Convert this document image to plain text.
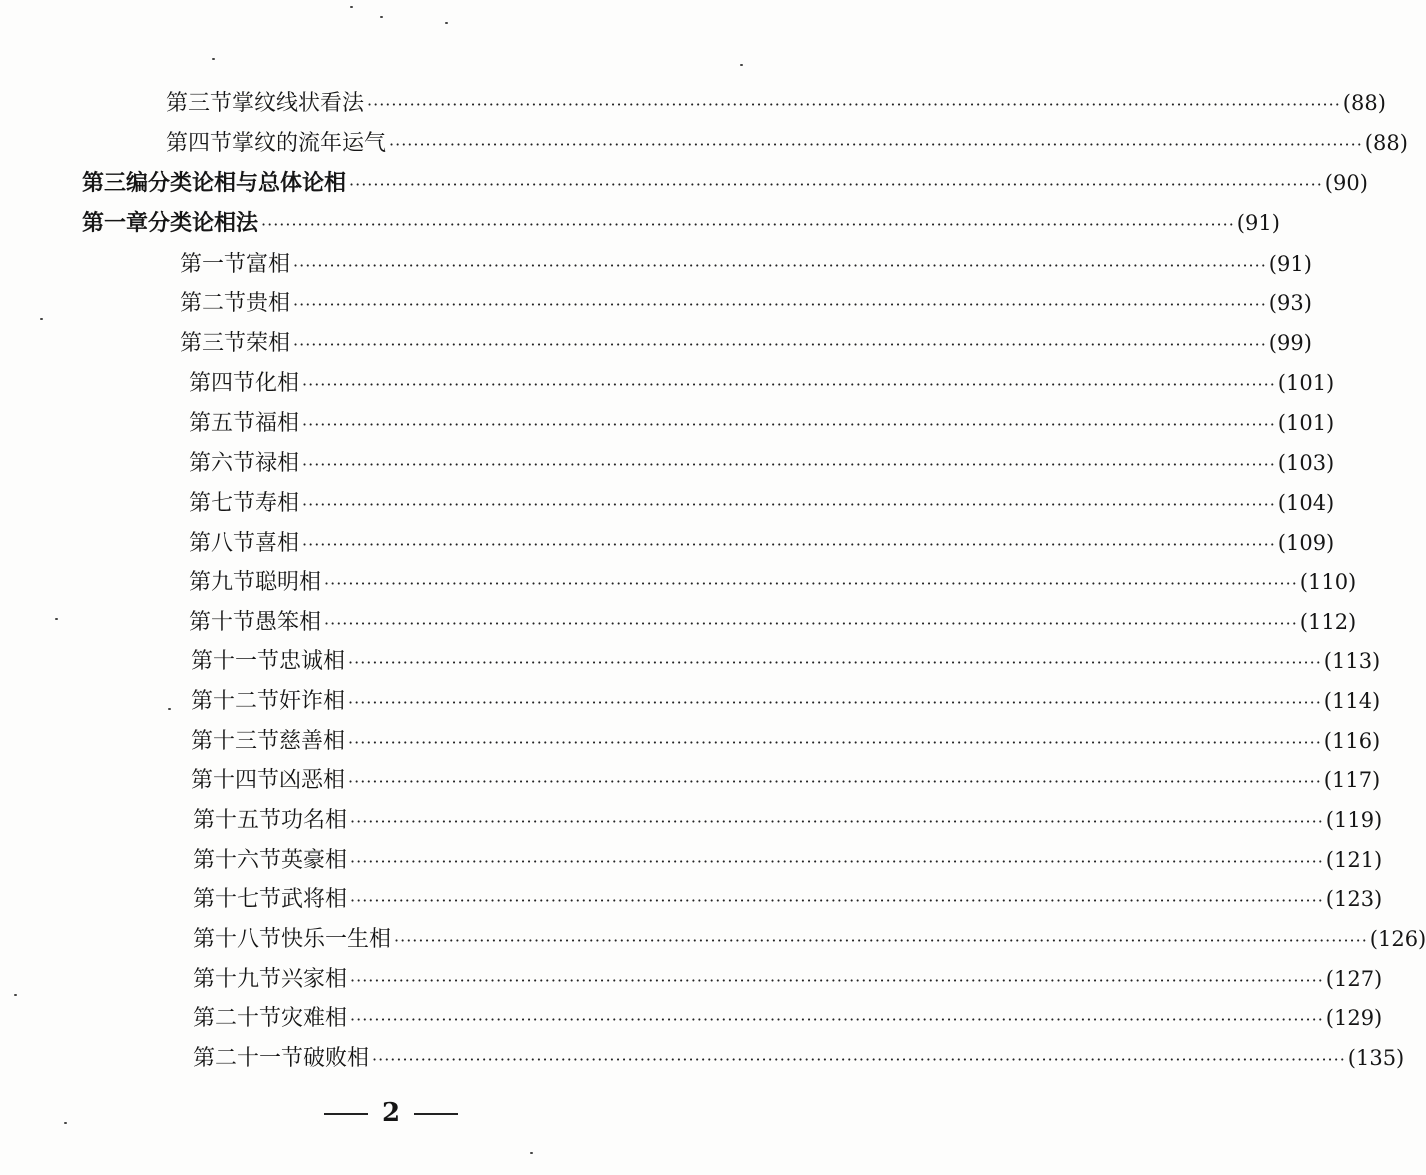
第三节 掌纹线状看法 ································································································································································ (88)
第四节 掌纹的流年运气 ································································································································································ (88)
第三编 分类论相与总体论相 ································································································································································ (90)
第一章 分类论相法 ································································································································································ (91)
第一节 富相 ································································································································································ (91)
第二节 贵相 ································································································································································ (93)
第三节 荣相 ································································································································································ (99)
第四节 化相 ································································································································································ (101)
第五节 福相 ································································································································································ (101)
第六节 禄相 ································································································································································ (103)
第七节 寿相 ································································································································································ (104)
第八节 喜相 ································································································································································ (109)
第九节 聪明相 ································································································································································ (110)
第十节 愚笨相 ································································································································································ (112)
第十一节 忠诚相 ································································································································································ (113)
第十二节 奸诈相 ································································································································································ (114)
第十三节 慈善相 ································································································································································ (116)
第十四节 凶恶相 ································································································································································ (117)
第十五节 功名相 ································································································································································ (119)
第十六节 英豪相 ································································································································································ (121)
第十七节 武将相 ································································································································································ (123)
第十八节 快乐一生相 ································································································································································ (126)
第十九节 兴家相 ································································································································································ (127)
第二十节 灾难相 ································································································································································ (129)
第二十一节 破败相 ································································································································································ (135)
2
